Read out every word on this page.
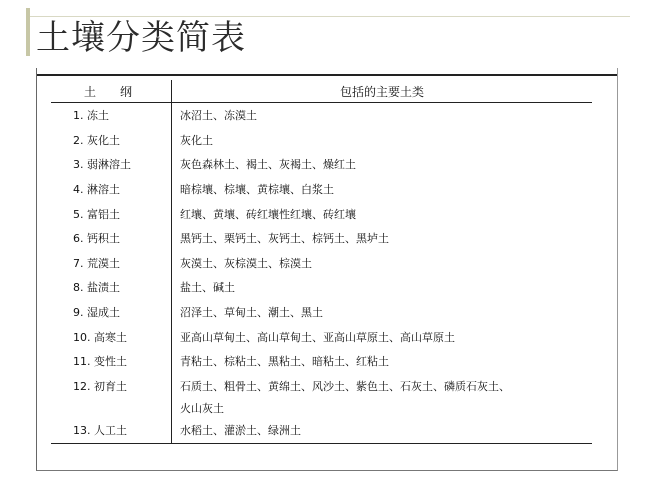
土壤分类简表
土　纲	包括的主要土类
1. 冻土	冰沼土、冻漠土
2. 灰化土	灰化土
3. 弱淋溶土	灰色森林土、褐土、灰褐土、燥红土
4. 淋溶土	暗棕壤、棕壤、黄棕壤、白浆土
5. 富铝土	红壤、黄壤、砖红壤性红壤、砖红壤
6. 钙积土	黑钙土、栗钙土、灰钙土、棕钙土、黑垆土
7. 荒漠土	灰漠土、灰棕漠土、棕漠土
8. 盐渍土	盐土、碱土
9. 湿成土	沼泽土、草甸土、潮土、黑土
10. 高寒土	亚高山草甸土、高山草甸土、亚高山草原土、高山草原土
11. 变性土	青粘土、棕粘土、黑粘土、暗粘土、红粘土
12. 初育土	石质土、粗骨土、黄绵土、风沙土、紫色土、石灰土、磷质石灰土、
	火山灰土
13. 人工土	水稻土、灌淤土、绿洲土
